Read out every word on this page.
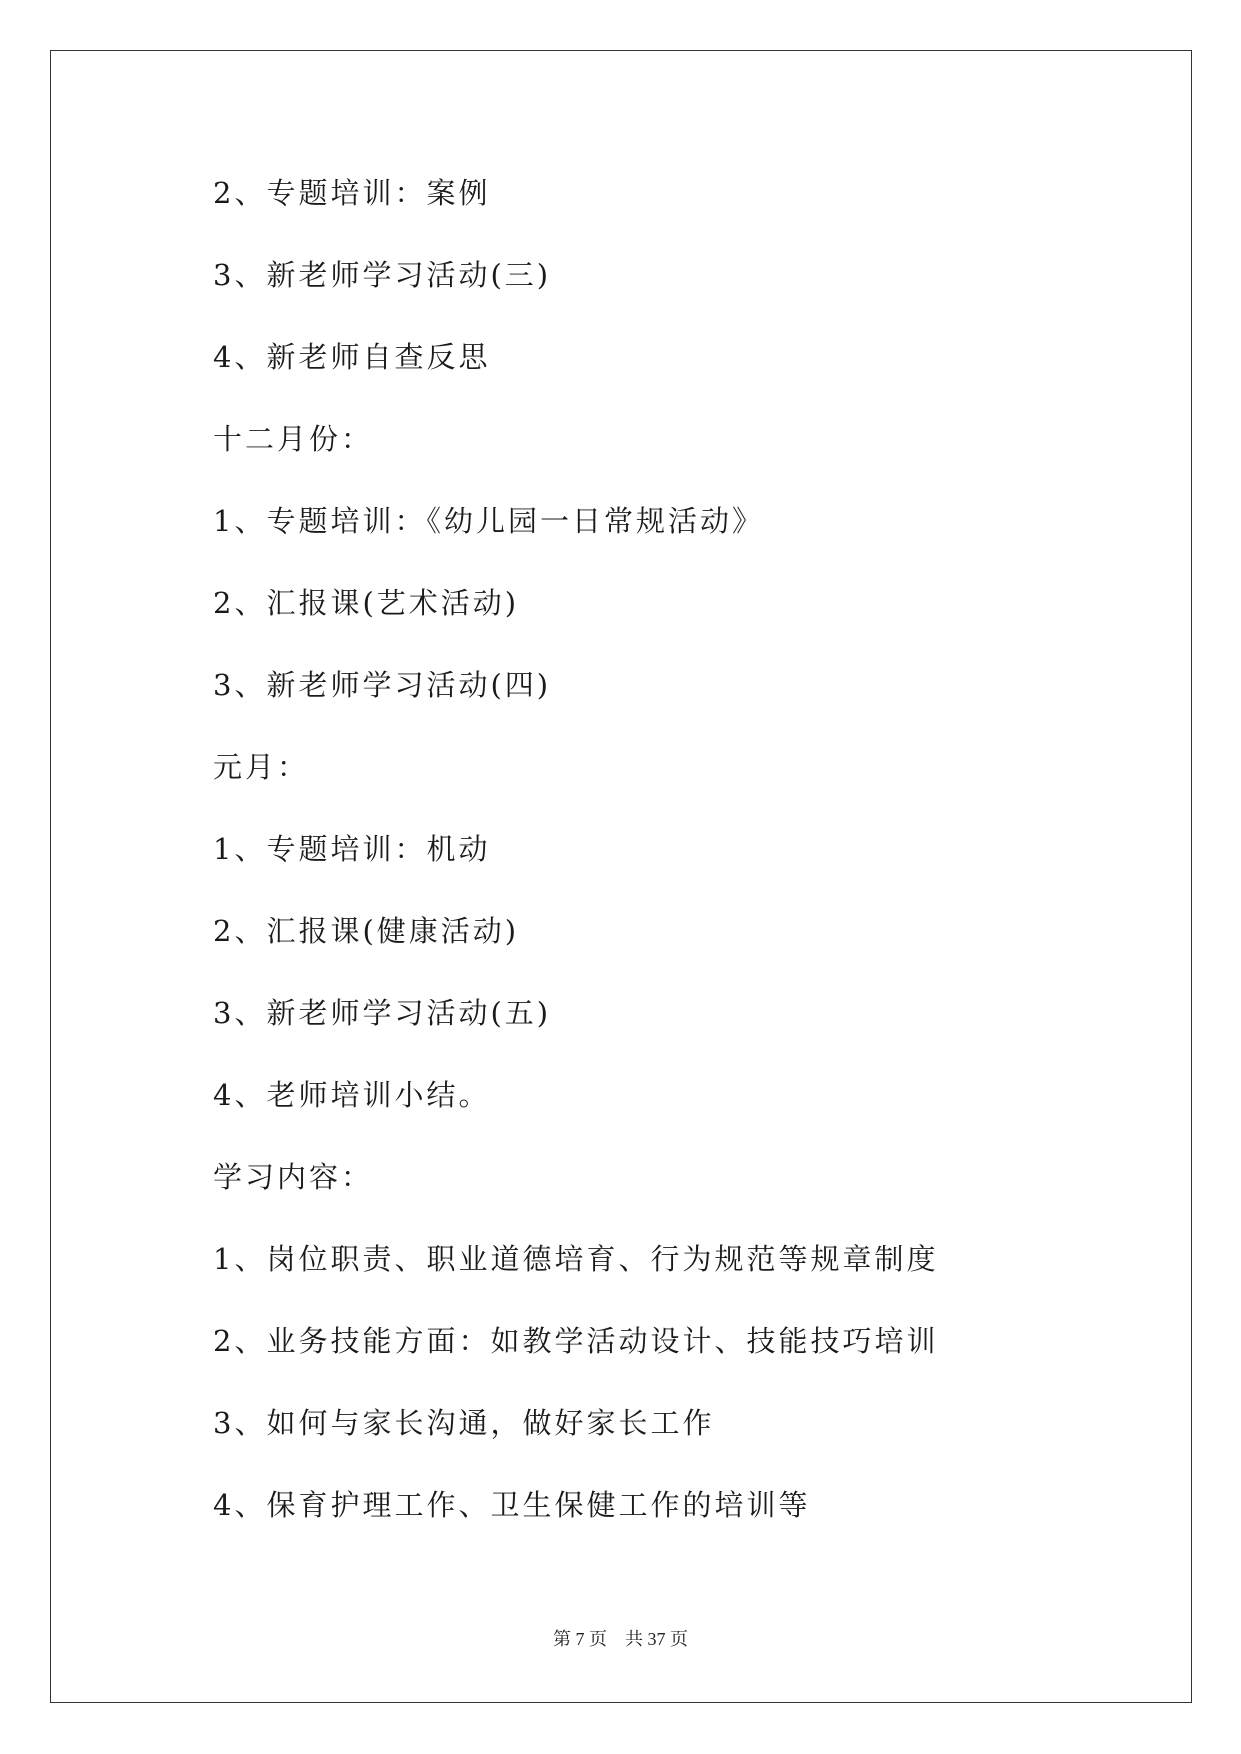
2、专题培训：案例
3、新老师学习活动(三)
4、新老师自查反思
十二月份：
1、专题培训：《幼儿园一日常规活动》
2、汇报课(艺术活动)
3、新老师学习活动(四)
元月：
1、专题培训：机动
2、汇报课(健康活动)
3、新老师学习活动(五)
4、老师培训小结。
学习内容：
1、岗位职责、职业道德培育、行为规范等规章制度
2、业务技能方面：如教学活动设计、技能技巧培训
3、如何与家长沟通，做好家长工作
4、保育护理工作、卫生保健工作的培训等
第 7 页    共 37 页
